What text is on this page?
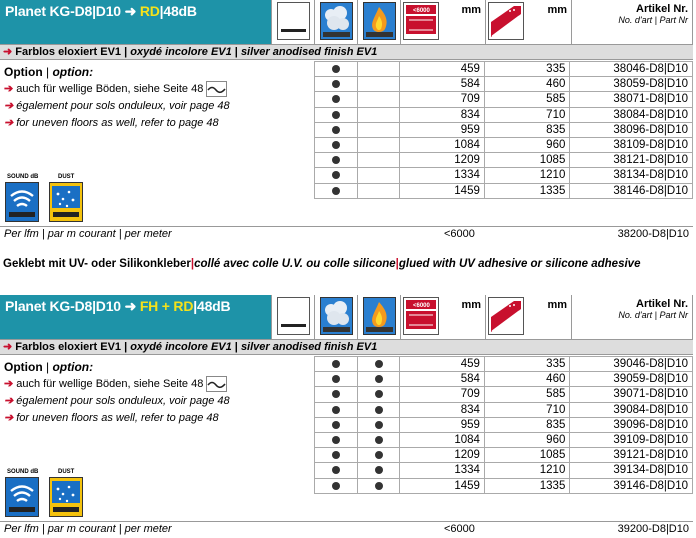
Planet KG-D8|D10 ➜ RD|48dB	<6000	mm	mm	Artikel Nr.
No. d'art | Part Nr
➜ Farblos eloxiert EV1 | oxydé incolore EV1 | silver anodised finish EV1
Option | option:
➔ auch für wellige Böden, siehe Seite 48
➔ également pour sols onduleux, voir page 48
➔ for uneven floors as well, refer to page 48
SOUND dB	DUST
		459	335	38046-D8|D10
		584	460	38059-D8|D10
		709	585	38071-D8|D10
		834	710	38084-D8|D10
		959	835	38096-D8|D10
		1084	960	38109-D8|D10
		1209	1085	38121-D8|D10
		1334	1210	38134-D8|D10
		1459	1335	38146-D8|D10
Per lfm | par m courant | per meter	<6000	38200-D8|D10
Geklebt mit UV- oder Silikonkleber|collé avec colle U.V. ou colle silicone|glued with UV adhesive or silicone adhesive
Planet KG-D8|D10 ➜ FH + RD|48dB	<6000	mm	mm	Artikel Nr.
No. d'art | Part Nr
➜ Farblos eloxiert EV1 | oxydé incolore EV1 | silver anodised finish EV1
Option | option:
➔ auch für wellige Böden, siehe Seite 48
➔ également pour sols onduleux, voir page 48
➔ for uneven floors as well, refer to page 48
SOUND dB	DUST
		459	335	39046-D8|D10
		584	460	39059-D8|D10
		709	585	39071-D8|D10
		834	710	39084-D8|D10
		959	835	39096-D8|D10
		1084	960	39109-D8|D10
		1209	1085	39121-D8|D10
		1334	1210	39134-D8|D10
		1459	1335	39146-D8|D10
Per lfm | par m courant | per meter	<6000	39200-D8|D10
